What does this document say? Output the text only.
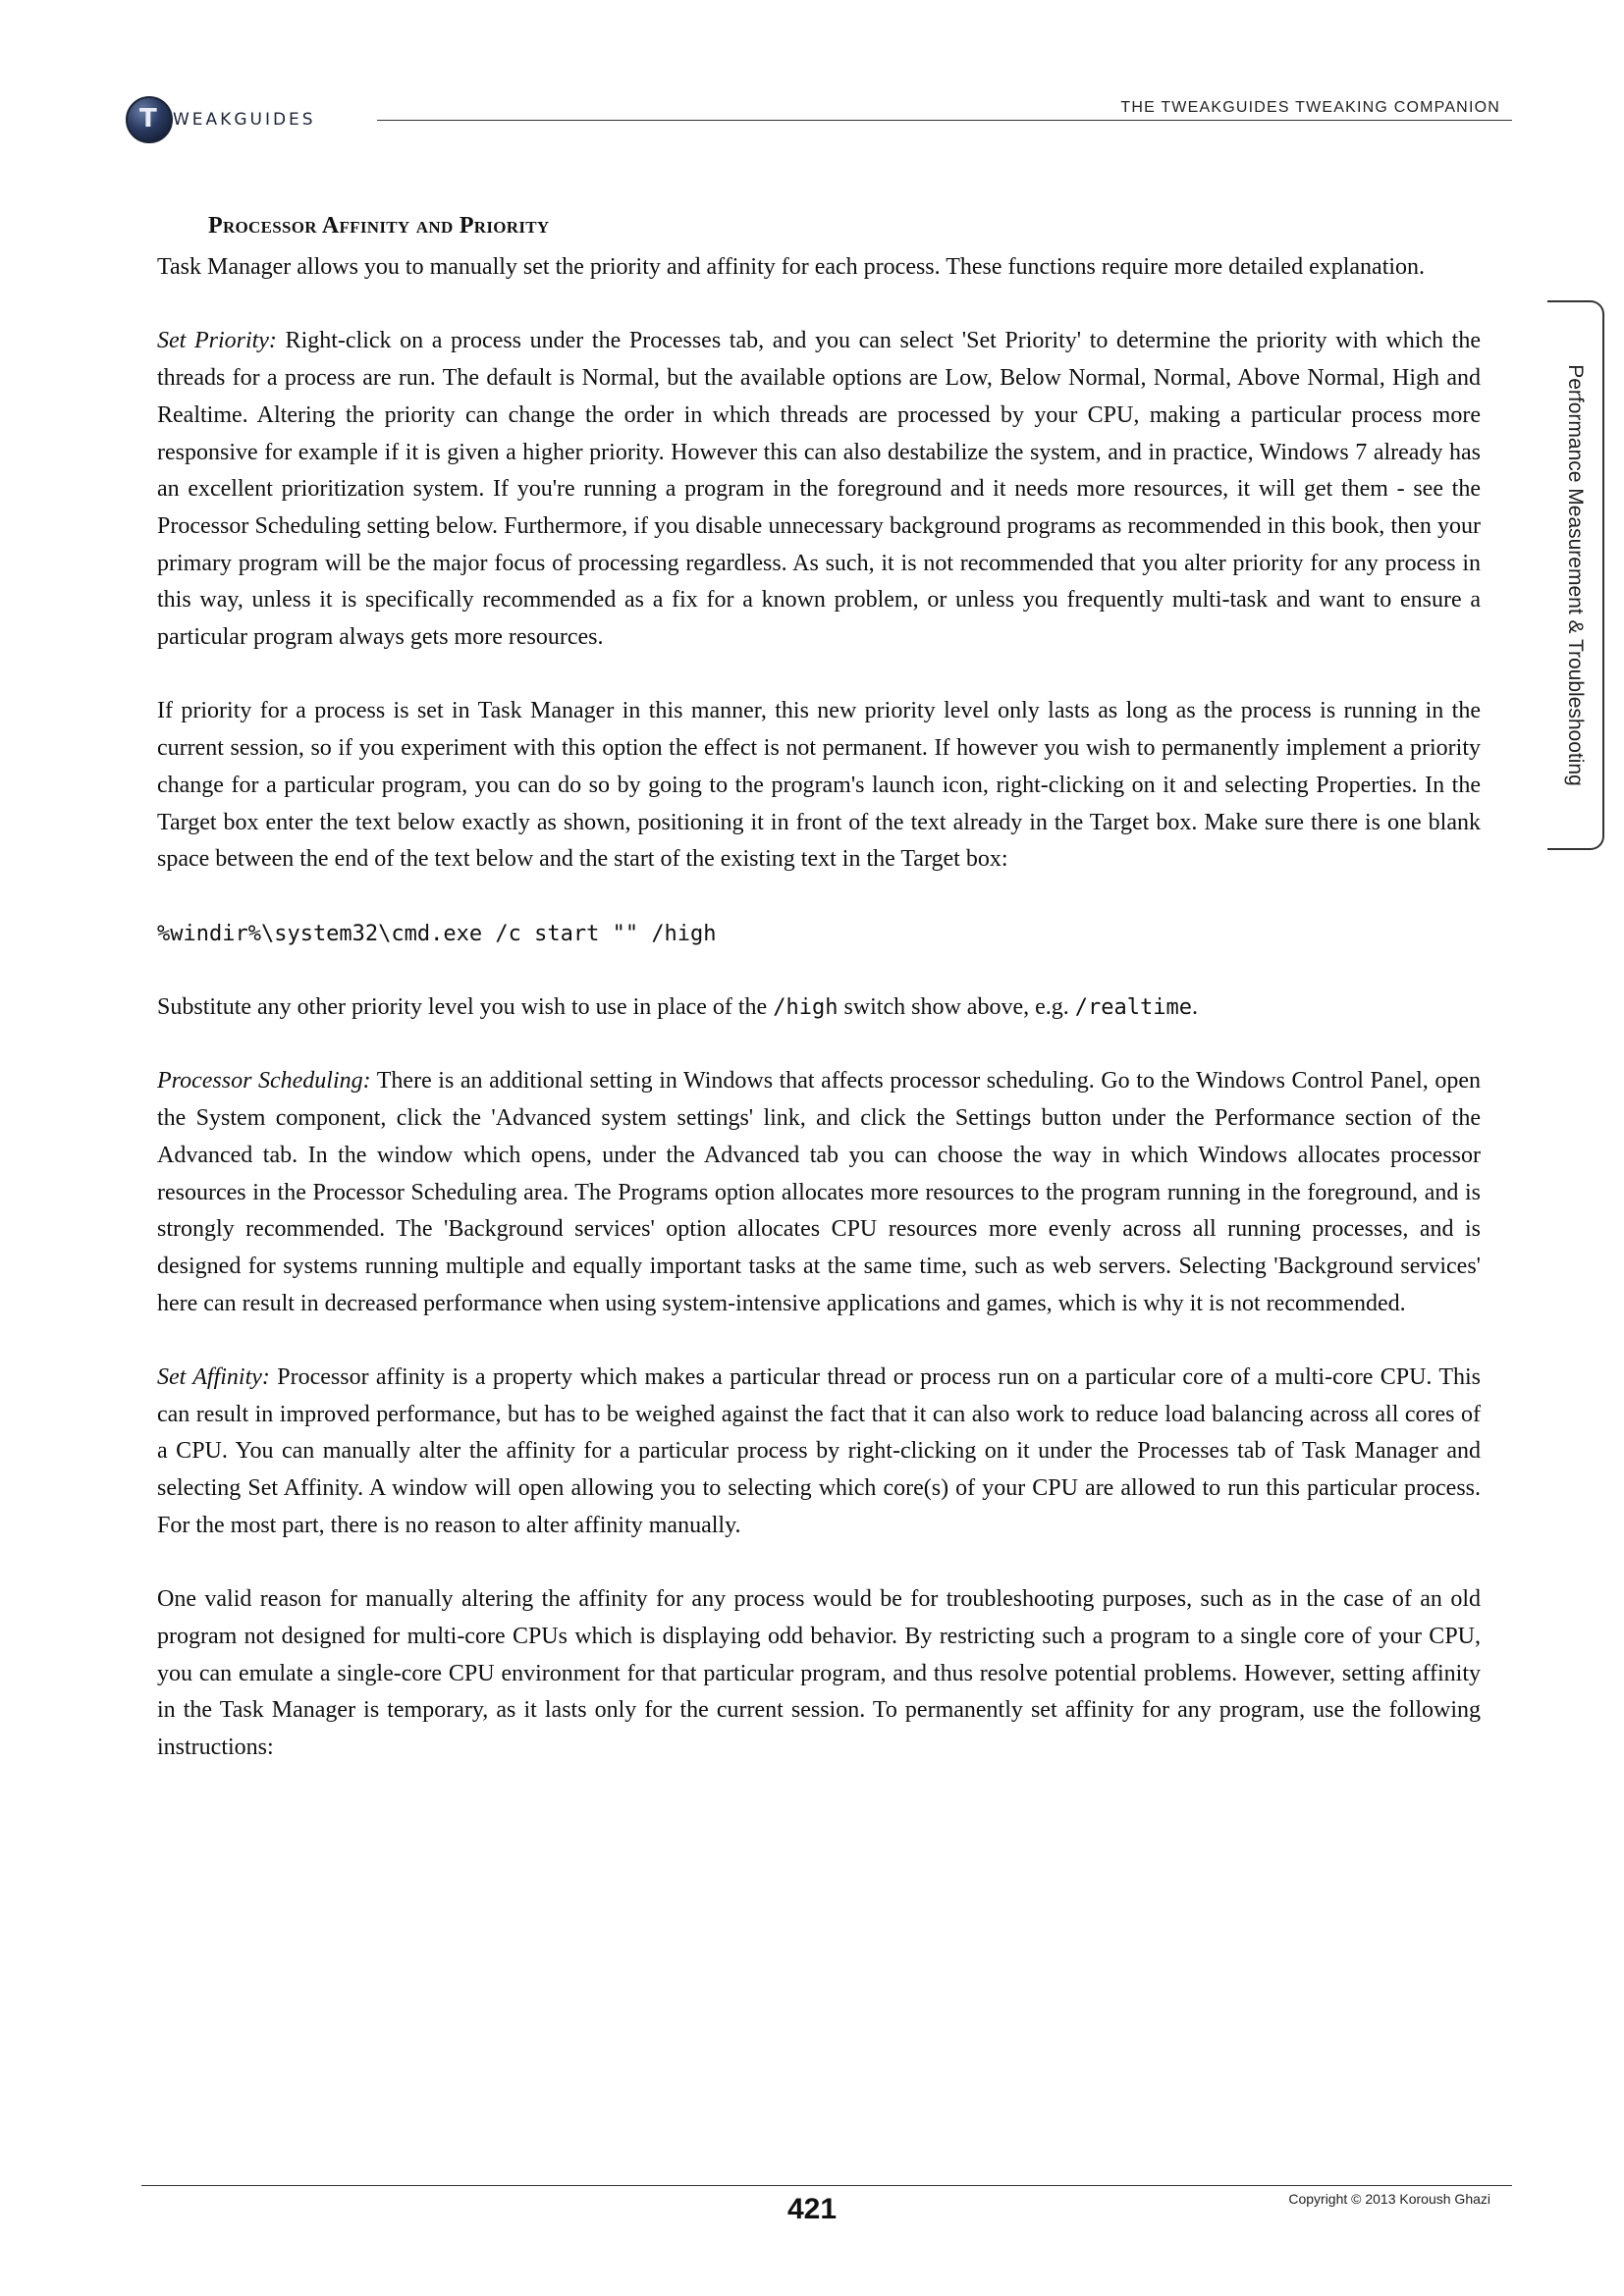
T WEAKGUIDES
THE TWEAKGUIDES TWEAKING COMPANION
Performance Measurement & Troubleshooting
Processor Affinity and Priority

Task Manager allows you to manually set the priority and affinity for each process. These functions require more detailed explanation.

Set Priority: Right-click on a process under the Processes tab, and you can select 'Set Priority' to determine the priority with which the threads for a process are run. The default is Normal, but the available options are Low, Below Normal, Normal, Above Normal, High and Realtime. Altering the priority can change the order in which threads are processed by your CPU, making a particular process more responsive for example if it is given a higher priority. However this can also destabilize the system, and in practice, Windows 7 already has an excellent prioritization system. If you're running a program in the foreground and it needs more resources, it will get them - see the Processor Scheduling setting below. Furthermore, if you disable unnecessary background programs as recommended in this book, then your primary program will be the major focus of processing regardless. As such, it is not recommended that you alter priority for any process in this way, unless it is specifically recommended as a fix for a known problem, or unless you frequently multi-task and want to ensure a particular program always gets more resources.

If priority for a process is set in Task Manager in this manner, this new priority level only lasts as long as the process is running in the current session, so if you experiment with this option the effect is not permanent. If however you wish to permanently implement a priority change for a particular program, you can do so by going to the program's launch icon, right-clicking on it and selecting Properties. In the Target box enter the text below exactly as shown, positioning it in front of the text already in the Target box. Make sure there is one blank space between the end of the text below and the start of the existing text in the Target box:

%windir%\system32\cmd.exe /c start "" /high

Substitute any other priority level you wish to use in place of the /high switch show above, e.g. /realtime.

Processor Scheduling: There is an additional setting in Windows that affects processor scheduling. Go to the Windows Control Panel, open the System component, click the 'Advanced system settings' link, and click the Settings button under the Performance section of the Advanced tab. In the window which opens, under the Advanced tab you can choose the way in which Windows allocates processor resources in the Processor Scheduling area. The Programs option allocates more resources to the program running in the foreground, and is strongly recommended. The 'Background services' option allocates CPU resources more evenly across all running processes, and is designed for systems running multiple and equally important tasks at the same time, such as web servers. Selecting 'Background services' here can result in decreased performance when using system-intensive applications and games, which is why it is not recommended.

Set Affinity: Processor affinity is a property which makes a particular thread or process run on a particular core of a multi-core CPU. This can result in improved performance, but has to be weighed against the fact that it can also work to reduce load balancing across all cores of a CPU. You can manually alter the affinity for a particular process by right-clicking on it under the Processes tab of Task Manager and selecting Set Affinity. A window will open allowing you to selecting which core(s) of your CPU are allowed to run this particular process. For the most part, there is no reason to alter affinity manually.

One valid reason for manually altering the affinity for any process would be for troubleshooting purposes, such as in the case of an old program not designed for multi-core CPUs which is displaying odd behavior. By restricting such a program to a single core of your CPU, you can emulate a single-core CPU environment for that particular program, and thus resolve potential problems. However, setting affinity in the Task Manager is temporary, as it lasts only for the current session. To permanently set affinity for any program, use the following instructions:

421	Copyright © 2013 Koroush Ghazi
